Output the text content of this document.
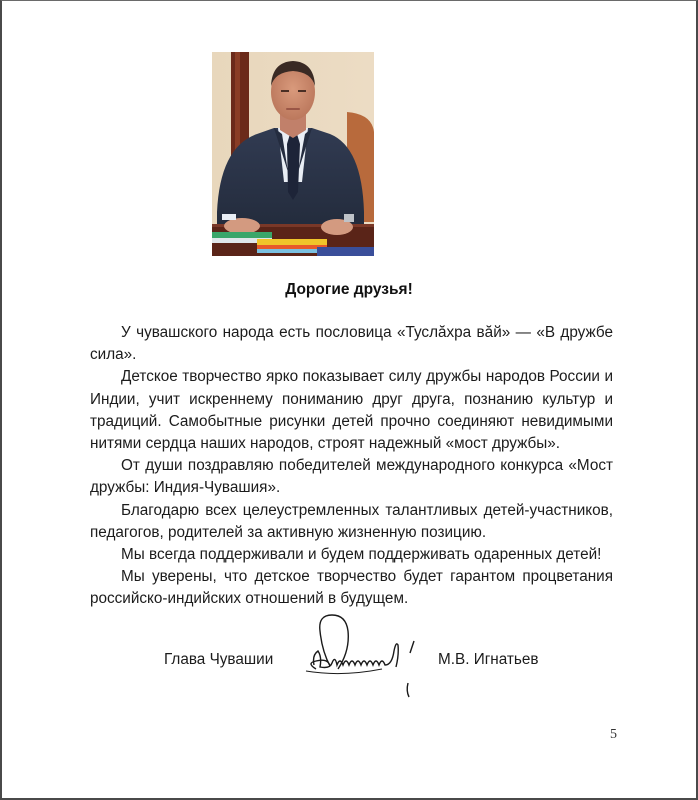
Дорогие друзья!

У чувашского народа есть пословица «Туслӑхра вӑй» — «В дружбе сила».

Детское творчество ярко показывает силу дружбы народов России и Индии, учит искреннему пониманию друг друга, познанию культур и традиций. Самобытные рисунки детей прочно соединяют невидимыми нитями сердца наших народов, строят надежный «мост дружбы».

От души поздравляю победителей международного конкурса «Мост дружбы: Индия-Чувашия».

Благодарю всех целеустремленных талантливых детей-участников, педагогов, родителей за активную жизненную позицию.

Мы всегда поддерживали и будем поддерживать одаренных детей!

Мы уверены, что детское творчество будет гарантом процветания российско-индийских отношений в будущем.

Глава Чувашии	М.В. Игнатьев
5
